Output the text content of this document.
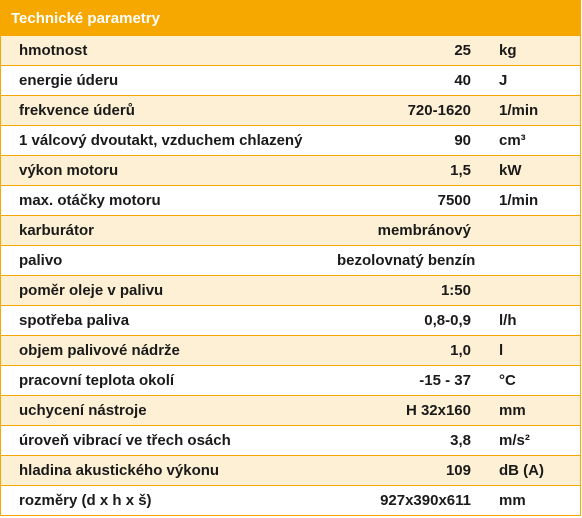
Technické parametry
hmotnost	25	kg
energie úderu	40	J
frekvence úderů	720-1620	1/min
1 válcový dvoutakt, vzduchem chlazený	90	cm³
výkon motoru	1,5	kW
max. otáčky motoru	7500	1/min
karburátor	membránový
palivo	bezolovnatý benzín
poměr oleje v palivu	1:50
spotřeba paliva	0,8-0,9	l/h
objem palivové nádrže	1,0	l
pracovní teplota okolí	-15 - 37	°C
uchycení nástroje	H 32x160	mm
úroveň vibrací ve třech osách	3,8	m/s²
hladina akustického výkonu	109	dB (A)
rozměry (d x h x š)	927x390x611	mm
